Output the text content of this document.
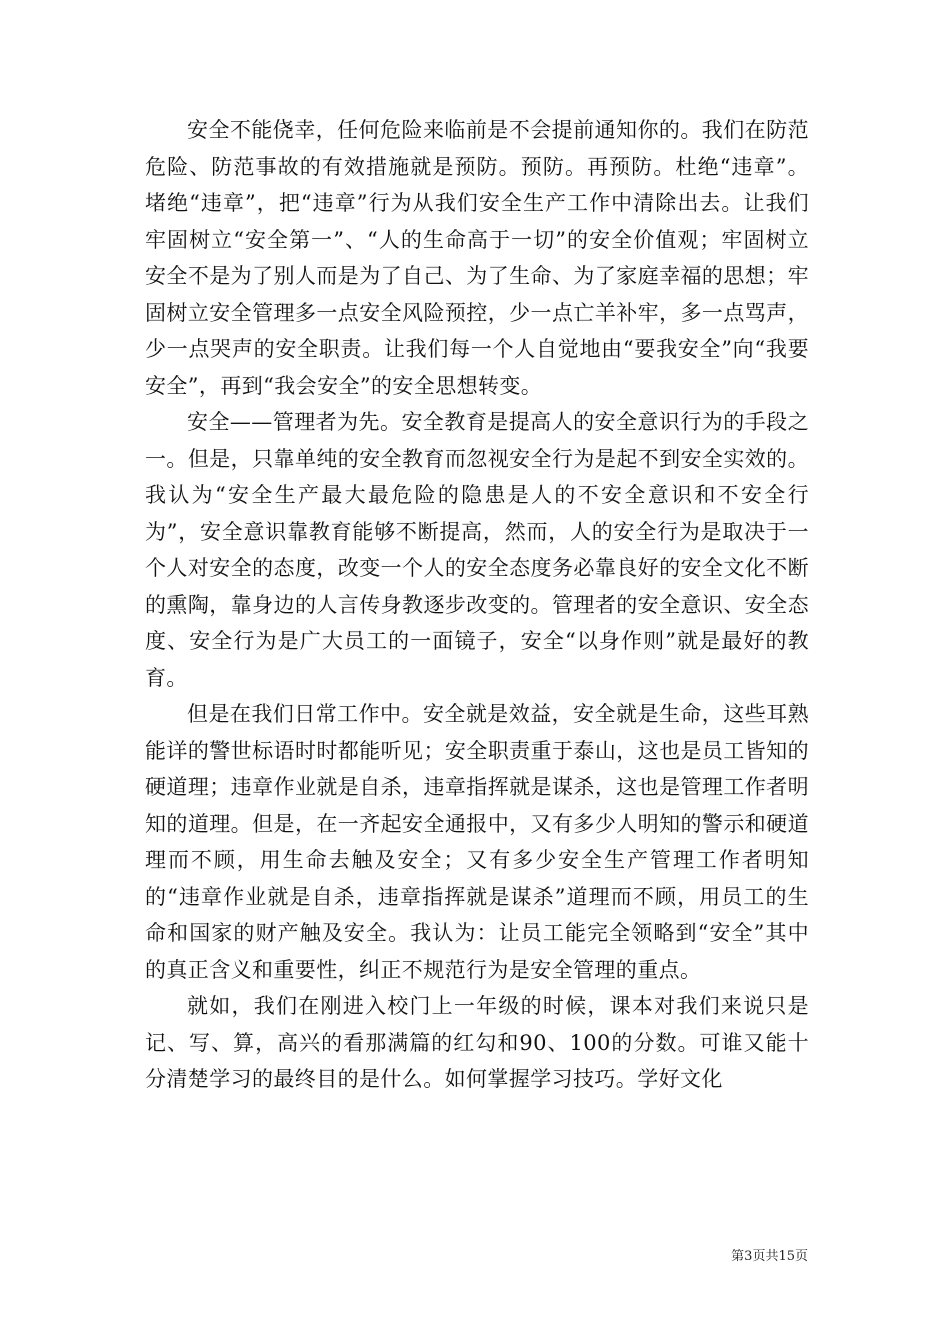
安全不能侥幸，任何危险来临前是不会提前通知你的。我们在防范危险、防范事故的有效措施就是预防。预防。再预防。杜绝“违章”。堵绝“违章”，把“违章”行为从我们安全生产工作中清除出去。让我们牢固树立“安全第一”、“人的生命高于一切”的安全价值观；牢固树立安全不是为了别人而是为了自己、为了生命、为了家庭幸福的思想；牢固树立安全管理多一点安全风险预控，少一点亡羊补牢，多一点骂声，少一点哭声的安全职责。让我们每一个人自觉地由“要我安全”向“我要安全”，再到“我会安全”的安全思想转变。

安全——管理者为先。安全教育是提高人的安全意识行为的手段之一。但是，只靠单纯的安全教育而忽视安全行为是起不到安全实效的。我认为“安全生产最大最危险的隐患是人的不安全意识和不安全行为”，安全意识靠教育能够不断提高，然而，人的安全行为是取决于一个人对安全的态度，改变一个人的安全态度务必靠良好的安全文化不断的熏陶，靠身边的人言传身教逐步改变的。管理者的安全意识、安全态度、安全行为是广大员工的一面镜子，安全“以身作则”就是最好的教育。

但是在我们日常工作中。安全就是效益，安全就是生命，这些耳熟能详的警世标语时时都能听见；安全职责重于泰山，这也是员工皆知的硬道理；违章作业就是自杀，违章指挥就是谋杀，这也是管理工作者明知的道理。但是，在一齐起安全通报中，又有多少人明知的警示和硬道理而不顾，用生命去触及安全；又有多少安全生产管理工作者明知的“违章作业就是自杀，违章指挥就是谋杀”道理而不顾，用员工的生命和国家的财产触及安全。我认为：让员工能完全领略到“安全”其中的真正含义和重要性，纠正不规范行为是安全管理的重点。

就如，我们在刚进入校门上一年级的时候，课本对我们来说只是记、写、算，高兴的看那满篇的红勾和90、100的分数。可谁又能十分清楚学习的最终目的是什么。如何掌握学习技巧。学好文化

第3页共15页
